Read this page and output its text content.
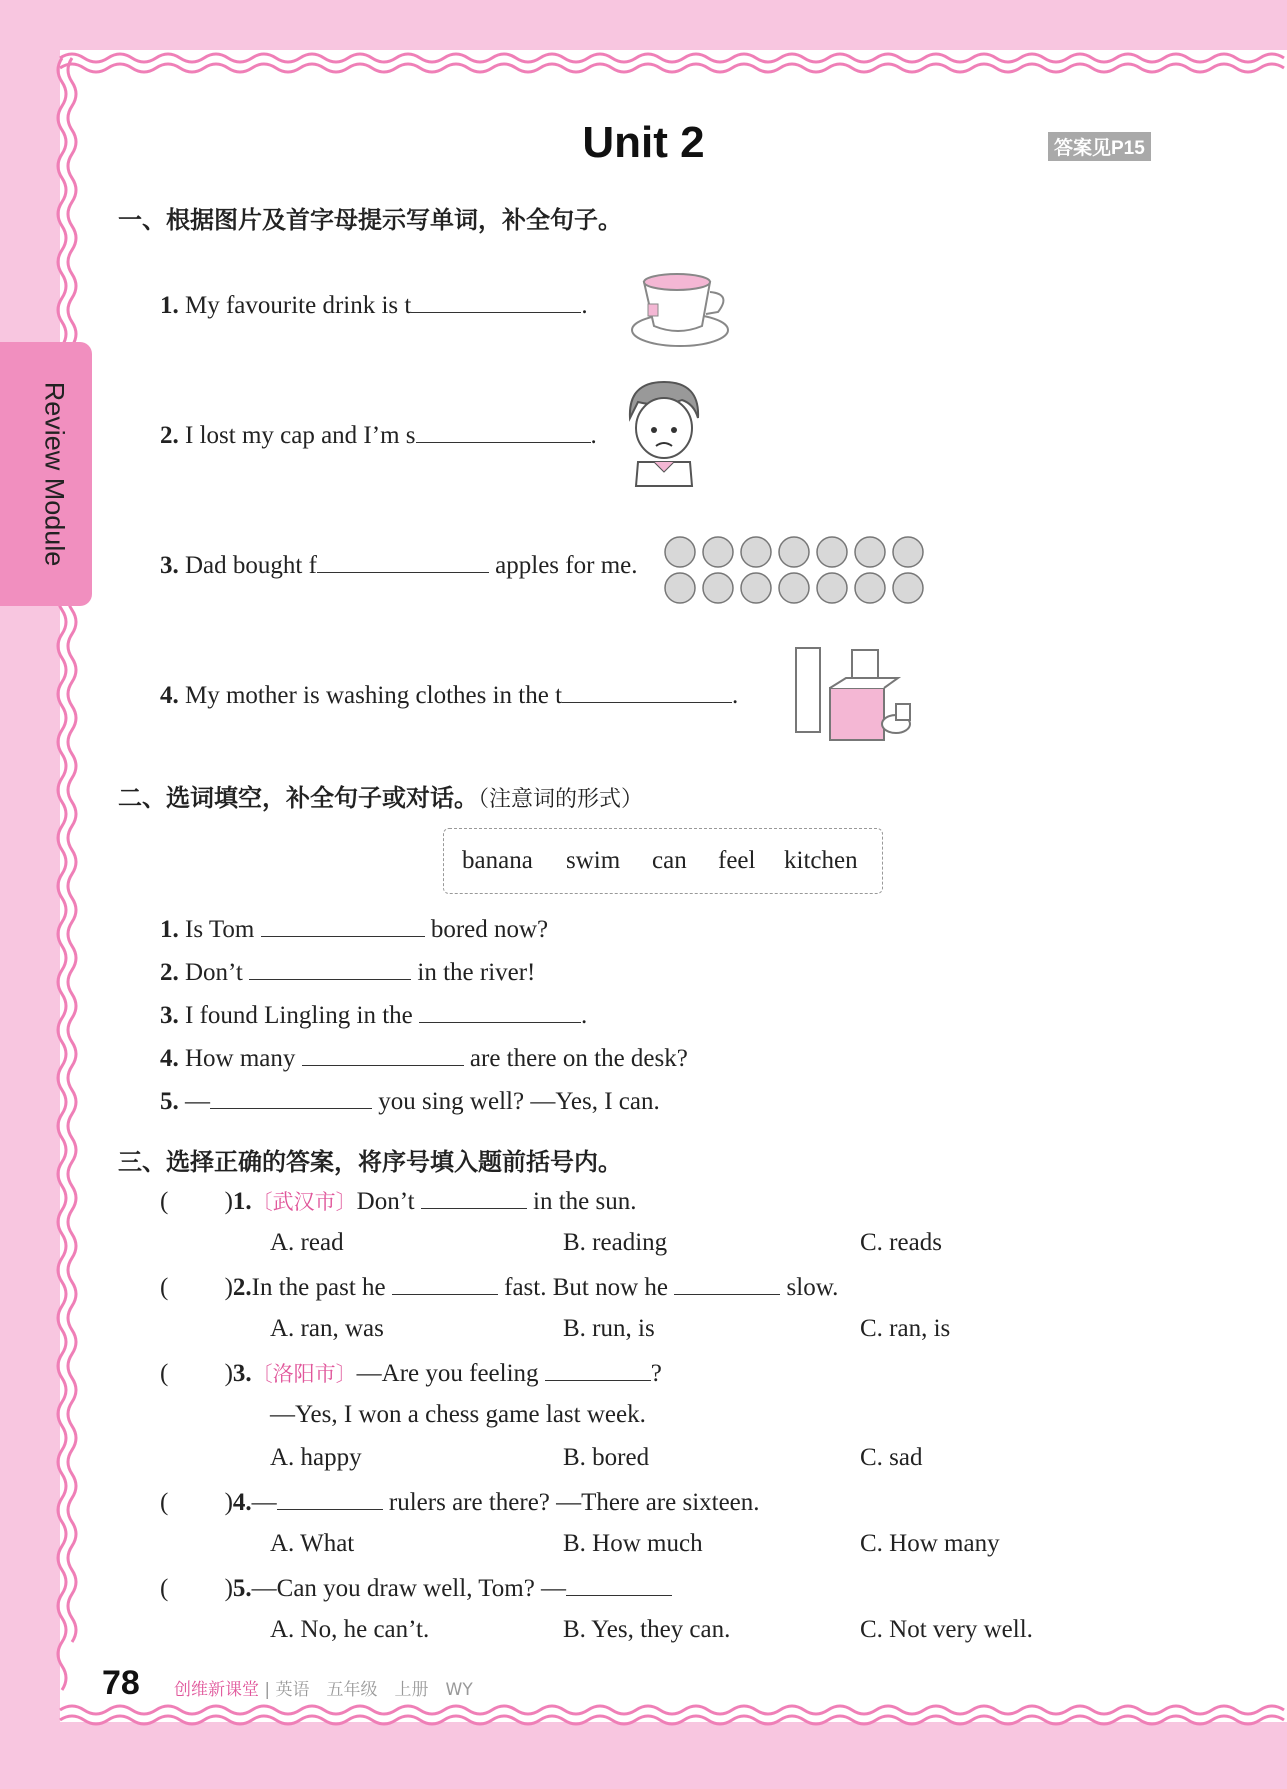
Review Module
Unit 2	答案见P15
一、根据图片及首字母提示写单词，补全句子。
1. My favourite drink is t	.
2. I lost my cap and I’m s	.
3. Dad bought f	apples for me.
4. My mother is washing clothes in the t	.
二、选词填空，补全句子或对话。（注意词的形式）
banana swim can feel kitchen
1. Is Tom	bored now?
2. Don’t	in the river!
3. I found Lingling in the	.
4. How many	are there on the desk?
5. —	you sing well? —Yes, I can.
三、选择正确的答案，将序号填入题前括号内。
(         )1.〔武汉市〕Don’t	in the sun.
A. read	B. reading	C. reads
(         )2.In the past he	fast. But now he	slow.
A. ran, was	B. run, is	C. ran, is
(         )3.〔洛阳市〕—Are you feeling	?
—Yes, I won a chess game last week.
A. happy	B. bored	C. sad
(         )4.—	rulers are there? —There are sixteen.
A. What	B. How much	C. How many
(         )5.—Can you draw well, Tom? —
A. No, he can’t.	B. Yes, they can.	C. Not very well.
78 创维新课堂 | 英语　五年级　上册　WY
